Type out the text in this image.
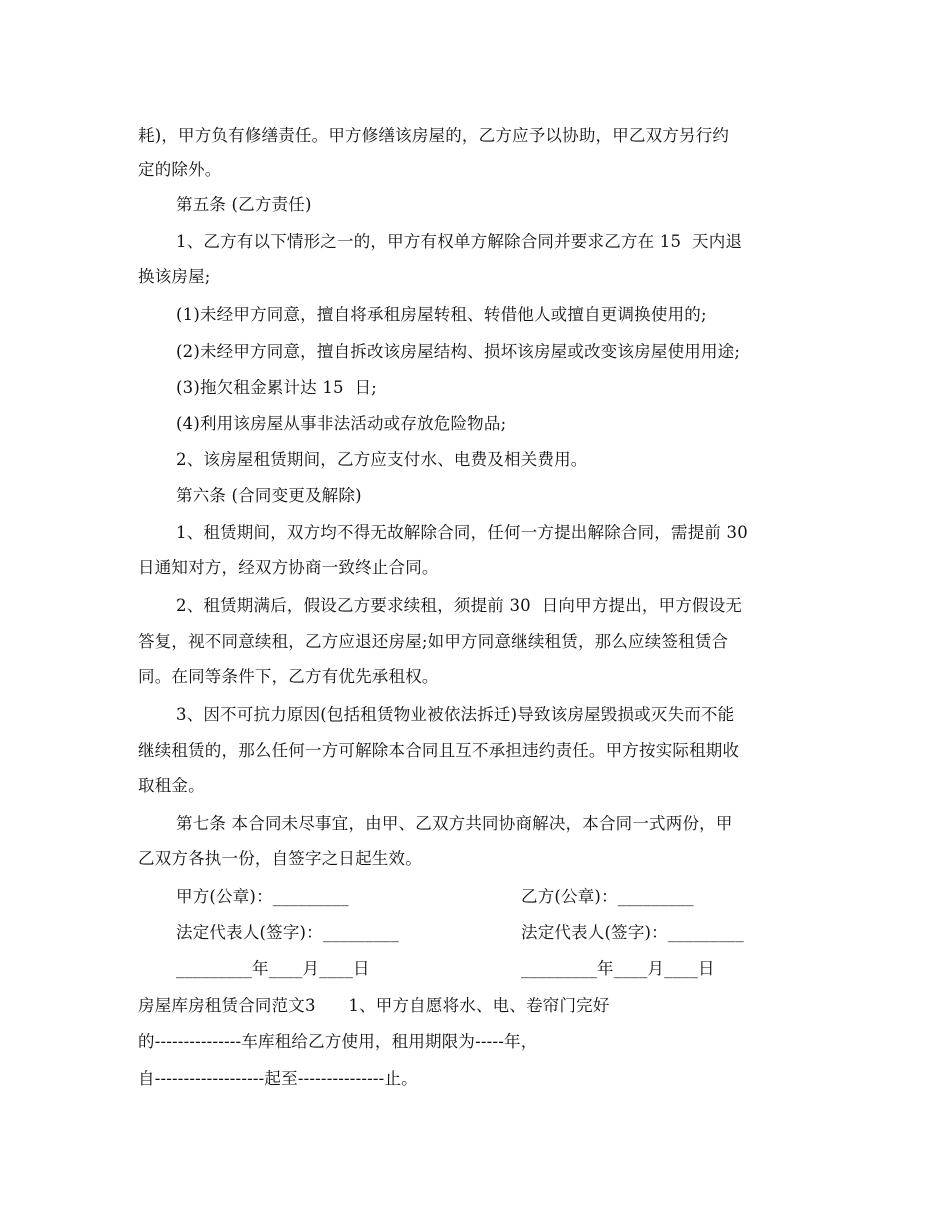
耗)，甲方负有修缮责任。甲方修缮该房屋的，乙方应予以协助，甲乙双方另行约
定的除外。
第五条 (乙方责任)
1、乙方有以下情形之一的，甲方有权单方解除合同并要求乙方在 15  天内退
换该房屋;
(1)未经甲方同意，擅自将承租房屋转租、转借他人或擅自更调换使用的;
(2)未经甲方同意，擅自拆改该房屋结构、损坏该房屋或改变该房屋使用用途;
(3)拖欠租金累计达 15  日;
(4)利用该房屋从事非法活动或存放危险物品;
2、该房屋租赁期间，乙方应支付水、电费及相关费用。
第六条 (合同变更及解除)
1、租赁期间，双方均不得无故解除合同，任何一方提出解除合同，需提前 30
日通知对方，经双方协商一致终止合同。
2、租赁期满后，假设乙方要求续租，须提前 30  日向甲方提出，甲方假设无
答复，视不同意续租，乙方应退还房屋;如甲方同意继续租赁，那么应续签租赁合
同。在同等条件下，乙方有优先承租权。
3、因不可抗力原因(包括租赁物业被依法拆迁)导致该房屋毁损或灭失而不能
继续租赁的，那么任何一方可解除本合同且互不承担违约责任。甲方按实际租期收
取租金。
第七条 本合同未尽事宜，由甲、乙双方共同协商解决，本合同一式两份，甲
乙双方各执一份，自签字之日起生效。
甲方(公章)：_________	乙方(公章)：_________
法定代表人(签字)：_________	法定代表人(签字)：_________
_________年____月____日	_________年____月____日
房屋库房租赁合同范文3      1、甲方自愿将水、电、卷帘门完好
的---------------车库租给乙方使用，租用期限为-----年，
自-------------------起至---------------止。
